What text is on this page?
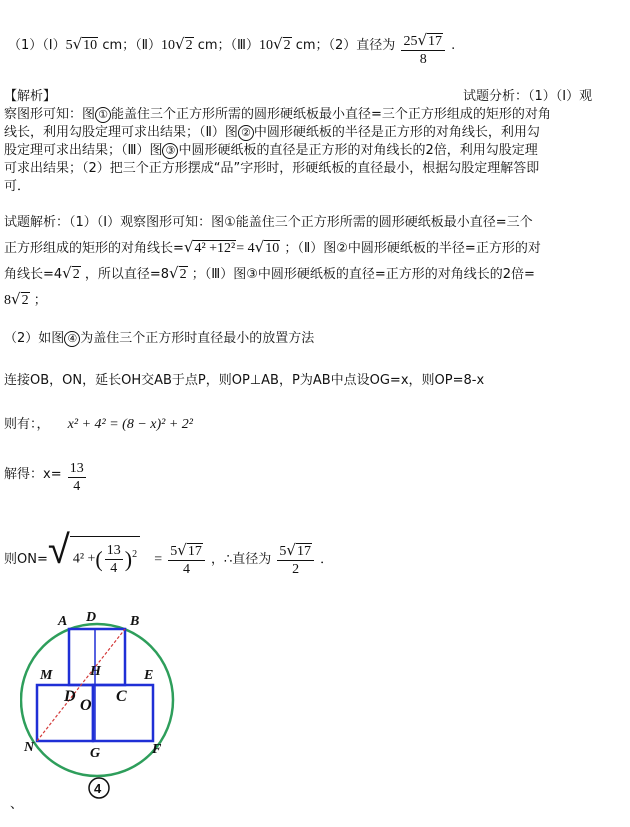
（1）（Ⅰ）5√10 cm；（Ⅱ）10√2 cm；（Ⅲ）10√2 cm；（2）直径为 $\frac{25√17}{8}$ .
【解析】	试题分析：（1）（Ⅰ）观
察图形可知：图 ① 能盖住三个正方形所需的圆形硬纸板最小直径=三个正方形组成的矩形的对角
线长，利用勾股定理可求出结果；（Ⅱ）图 ② 中圆形硬纸板的半径是正方形的对角线长，利用勾
股定理可求出结果；（Ⅲ）图 ③ 中圆形硬纸板的直径是正方形的对角线长的2倍，利用勾股定理
可求出结果；（2）把三个正方形摆成“品”字形时，形硬纸板的直径最小，根据勾股定理解答即
可．
试题解析：（1）（Ⅰ）观察图形可知：图①能盖住三个正方形所需的圆形硬纸板最小直径=三个
正方形组成的矩形的对角线长=√4² +12²= 4√10 ；（Ⅱ）图②中圆形硬纸板的半径=正方形的对
角线长=4√2 ，所以直径=8√2 ；（Ⅲ）图③中圆形硬纸板的直径=正方形的对角线长的2倍=
8√2 ；
（2）如图 ④ 为盖住三个正方形时直径最小的放置方法
连接OB，ON，延长OH交AB于点P，则OP⊥AB，P为AB中点设OG=x，则OP=8-x
则有：， x² + 4² = (8 − x)² + 2²
解得：$x= \frac{13}{4}$
则ON=√ 4² +( $\frac{13}{4} )^2 = \frac{5√17}{4}$ ，∴直径为 $\frac{5√17}{2}$ ．
A D B
M	H	E
D
O
C
N	G	F
4
、
